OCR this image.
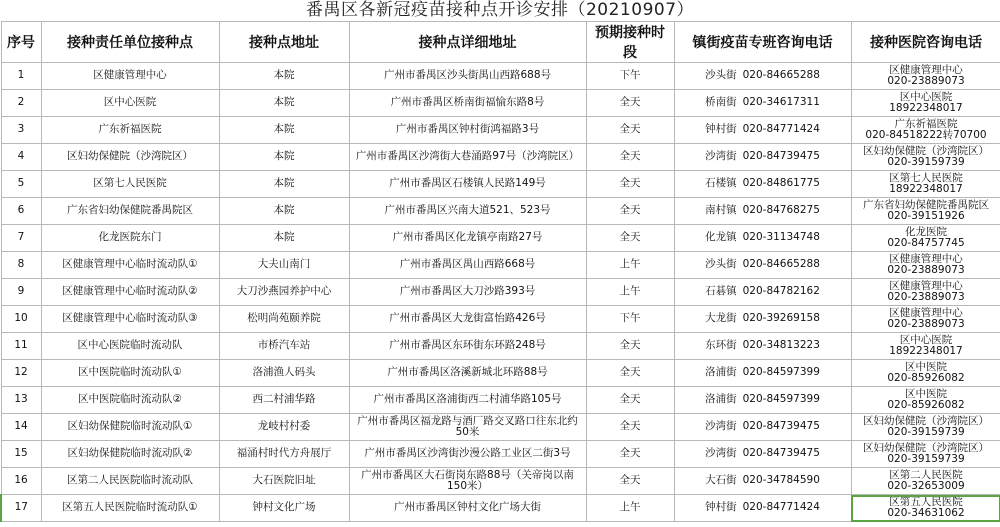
番禺区各新冠疫苗接种点开诊安排（20210907）
序号	接种责任单位接种点	接种点地址	接种点详细地址	预期接种时段	镇街疫苗专班咨询电话	接种医院咨询电话
1	区健康管理中心	本院	广州市番禺区沙头街禺山西路688号	下午	沙头街 020-84665288	区健康管理中心
020-23889073

2	区中心医院	本院	广州市番禺区桥南街福愉东路8号	全天	桥南街 020-34617311	区中心医院
18922348017

3	广东祈福医院	本院	广州市番禺区钟村街鸿福路3号	全天	钟村街 020-84771424	广东祈福医院
020-84518222转70700

4	区妇幼保健院（沙湾院区）	本院	广州市番禺区沙湾街大巷涌路97号（沙湾院区）	全天	沙湾街 020-84739475	区妇幼保健院（沙湾院区）
020-39159739

5	区第七人民医院	本院	广州市番禺区石楼镇人民路149号	全天	石楼镇 020-84861775	区第七人民医院
18922348017

6	广东省妇幼保健院番禺院区	本院	广州市番禺区兴南大道521、523号	全天	南村镇 020-84768275	广东省妇幼保健院番禺院区
020-39151926

7	化龙医院东门	本院	广州市番禺区化龙镇亭南路27号	全天	化龙镇 020-31134748	化龙医院
020-84757745

8	区健康管理中心临时流动队①	大夫山南门	广州市番禺区禺山西路668号	上午	沙头街 020-84665288	区健康管理中心
020-23889073

9	区健康管理中心临时流动队②	大刀沙燕园养护中心	广州市番禺区大刀沙路393号	上午	石碁镇 020-84782162	区健康管理中心
020-23889073

10	区健康管理中心临时流动队③	松明尚苑颐养院	广州市番禺区大龙街富怡路426号	下午	大龙街 020-39269158	区健康管理中心
020-23889073

11	区中心医院临时流动队	市桥汽车站	广州市番禺区东环街东环路248号	全天	东环街 020-34813223	区中心医院
18922348017

12	区中医院临时流动队①	洛浦渔人码头	广州市番禺区洛溪新城北环路88号	全天	洛浦街 020-84597399	区中医院
020-85926082

13	区中医院临时流动队②	西二村浦华路	广州市番禺区洛浦街西二村浦华路105号	全天	洛浦街 020-84597399	区中医院
020-85926082

14	区妇幼保健院临时流动队①	龙岐村村委	广州市番禺区福龙路与酒厂路交叉路口往东北约50米	全天	沙湾街 020-84739475	区妇幼保健院（沙湾院区）
020-39159739

15	区妇幼保健院临时流动队②	福涌村时代方舟展厅	广州市番禺区沙湾街沙漫公路工业区二街3号	全天	沙湾街 020-84739475	区妇幼保健院（沙湾院区）
020-39159739

16	区第二人民医院临时流动队	大石医院旧址	广州市番禺区大石街岗东路88号（关帝岗以南150米）	全天	大石街 020-34784590	区第二人民医院
020-32653009

17	区第五人民医院临时流动队①	钟村文化广场	广州市番禺区钟村文化广场大街	上午	钟村街 020-84771424	区第五人民医院
020-34631062
